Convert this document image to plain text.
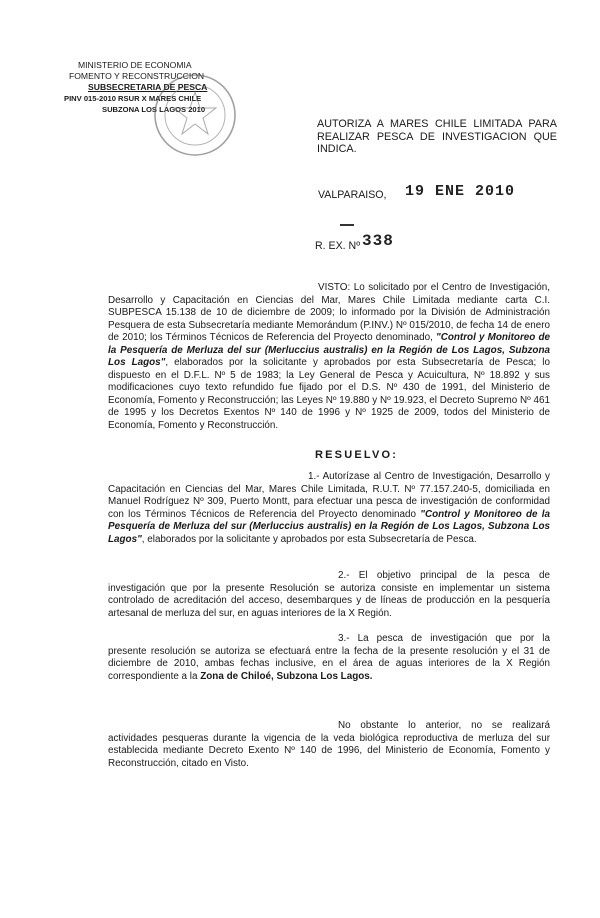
MINISTERIO DE ECONOMIA
FOMENTO Y RECONSTRUCCION
SUBSECRETARIA DE PESCA
PINV 015-2010 RSUR X MARES CHILE
SUBZONA LOS LAGOS 2010
AUTORIZA A MARES CHILE LIMITADA PARA REALIZAR PESCA DE INVESTIGACION QUE INDICA.
VALPARAISO, 19 ENE 2010
R. EX. Nº 338
VISTO: Lo solicitado por el Centro de Investigación, Desarrollo y Capacitación en Ciencias del Mar, Mares Chile Limitada mediante carta C.I. SUBPESCA 15.138 de 10 de diciembre de 2009; lo informado por la División de Administración Pesquera de esta Subsecretaría mediante Memorándum (P.INV.) Nº 015/2010, de fecha 14 de enero de 2010; los Términos Técnicos de Referencia del Proyecto denominado, "Control y Monitoreo de la Pesquería de Merluza del sur (Merluccius australis) en la Región de Los Lagos, Subzona Los Lagos", elaborados por la solicitante y aprobados por esta Subsecretaría de Pesca; lo dispuesto en el D.F.L. Nº 5 de 1983; la Ley General de Pesca y Acuicultura, Nº 18.892 y sus modificaciones cuyo texto refundido fue fijado por el D.S. Nº 430 de 1991, del Ministerio de Economía, Fomento y Reconstrucción; las Leyes Nº 19.880 y Nº 19.923, el Decreto Supremo Nº 461 de 1995 y los Decretos Exentos Nº 140 de 1996 y Nº 1925 de 2009, todos del Ministerio de Economía, Fomento y Reconstrucción.
RESUELVO:
1.- Autorízase al Centro de Investigación, Desarrollo y Capacitación en Ciencias del Mar, Mares Chile Limitada, R.U.T. Nº 77.157.240-5, domiciliada en Manuel Rodríguez Nº 309, Puerto Montt, para efectuar una pesca de investigación de conformidad con los Términos Técnicos de Referencia del Proyecto denominado "Control y Monitoreo de la Pesquería de Merluza del sur (Merluccius australis) en la Región de Los Lagos, Subzona Los Lagos", elaborados por la solicitante y aprobados por esta Subsecretaría de Pesca.
2.- El objetivo principal de la pesca de investigación que por la presente Resolución se autoriza consiste en implementar un sistema controlado de acreditación del acceso, desembarques y de líneas de producción en la pesquería artesanal de merluza del sur, en aguas interiores de la X Región.
3.- La pesca de investigación que por la presente resolución se autoriza se efectuará entre la fecha de la presente resolución y el 31 de diciembre de 2010, ambas fechas inclusive, en el área de aguas interiores de la X Región correspondiente a la Zona de Chiloé, Subzona Los Lagos.
No obstante lo anterior, no se realizará actividades pesqueras durante la vigencia de la veda biológica reproductiva de merluza del sur establecida mediante Decreto Exento Nº 140 de 1996, del Ministerio de Economía, Fomento y Reconstrucción, citado en Visto.
